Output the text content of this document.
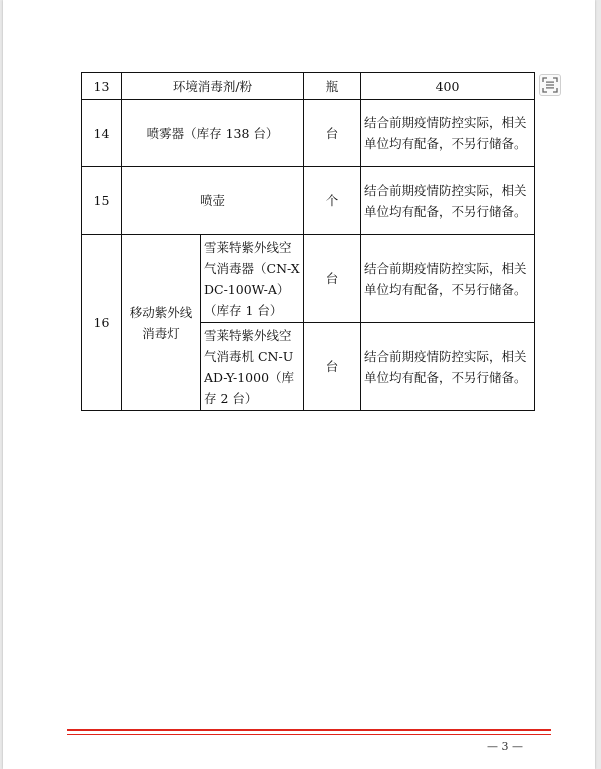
13	环境消毒剂/粉		瓶	400
14	喷雾器（库存 138 台）		台	结合前期疫情防控实际，相关单位均有配备，不另行储备。
15	喷壶		个	结合前期疫情防控实际，相关单位均有配备，不另行储备。
16	移动紫外线消毒灯	雪莱特紫外线空气消毒器（CN-XDC-100W-A）（库存 1 台）	台	结合前期疫情防控实际，相关单位均有配备，不另行储备。
		雪莱特紫外线空气消毒机 CN-UAD-Y-1000（库存 2 台）	台	结合前期疫情防控实际，相关单位均有配备，不另行储备。
— 3 —
